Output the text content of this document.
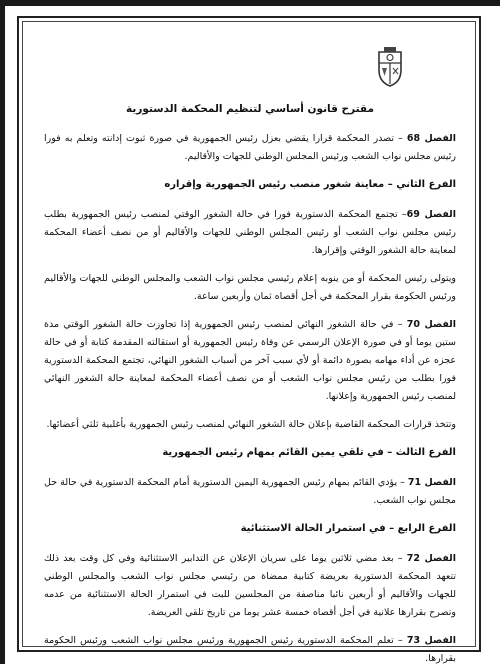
مقترح قانون أساسي لتنظيم المحكمة الدستورية
الفصل 68 – تصدر المحكمة قرارا يقضي بعزل رئيس الجمهورية في صورة ثبوت إدانته وتعلم به فورا رئيس مجلس نواب الشعب ورئيس المجلس الوطني للجهات والأقاليم.
الفرع الثاني – معاينة شغور منصب رئيس الجمهورية وإقراره
الفصل 69– تجتمع المحكمة الدستورية فورا في حالة الشغور الوقتي لمنصب رئيس الجمهورية بطلب رئيس مجلس نواب الشعب أو رئيس المجلس الوطني للجهات والأقاليم أو من نصف أعضاء المحكمة لمعاينة حالة الشغور الوقتي وإقرارها.
ويتولى رئيس المحكمة أو من ينوبه إعلام رئيسي مجلس نواب الشعب والمجلس الوطني للجهات والأقاليم ورئيس الحكومة بقرار المحكمة في أجل أقصاه ثمان وأربعين ساعة.
الفصل 70 – في حالة الشغور النهائي لمنصب رئيس الجمهورية إذا تجاوزت حالة الشغور الوقتي مدة ستين يوما أو في صورة الإعلان الرسمي عن وفاة رئيس الجمهورية أو استقالته المقدمة كتابة أو في حالة عجزه عن أداء مهامه بصورة دائمة أو لأي سبب آخر من أسباب الشغور النهائي، تجتمع المحكمة الدستورية فورا بطلب من رئيس مجلس نواب الشعب أو من نصف أعضاء المحكمة لمعاينة حالة الشغور النهائي لمنصب رئيس الجمهورية وإعلانها.
وتتخذ قرارات المحكمة القاضية بإعلان حالة الشغور النهائي لمنصب رئيس الجمهورية بأغلبية ثلثي أعضائها.
الفرع الثالث – في تلقي يمين القائم بمهام رئيس الجمهورية
الفصل 71 – يؤدي القائم بمهام رئيس الجمهورية اليمين الدستورية أمام المحكمة الدستورية في حالة حل مجلس نواب الشعب.
الفرع الرابع – في استمرار الحالة الاستثنائية
الفصل 72 – بعد مضي ثلاثين يوما على سريان الإعلان عن التدابير الاستثنائية وفي كل وقت بعد ذلك تتعهد المحكمة الدستورية بعريضة كتابية ممضاة من رئيسي مجلس نواب الشعب والمجلس الوطني للجهات والأقاليم أو أربعين نائبا مناصفة من المجلسين للبت في استمرار الحالة الاستثنائية من عدمه وتصرح بقرارها علانية في أجل أقصاه خمسة عشر يوما من تاريخ تلقي العريضة.
الفصل 73 – تعلم المحكمة الدستورية رئيس الجمهورية ورئيس مجلس نواب الشعب ورئيس الحكومة بقرارها.
